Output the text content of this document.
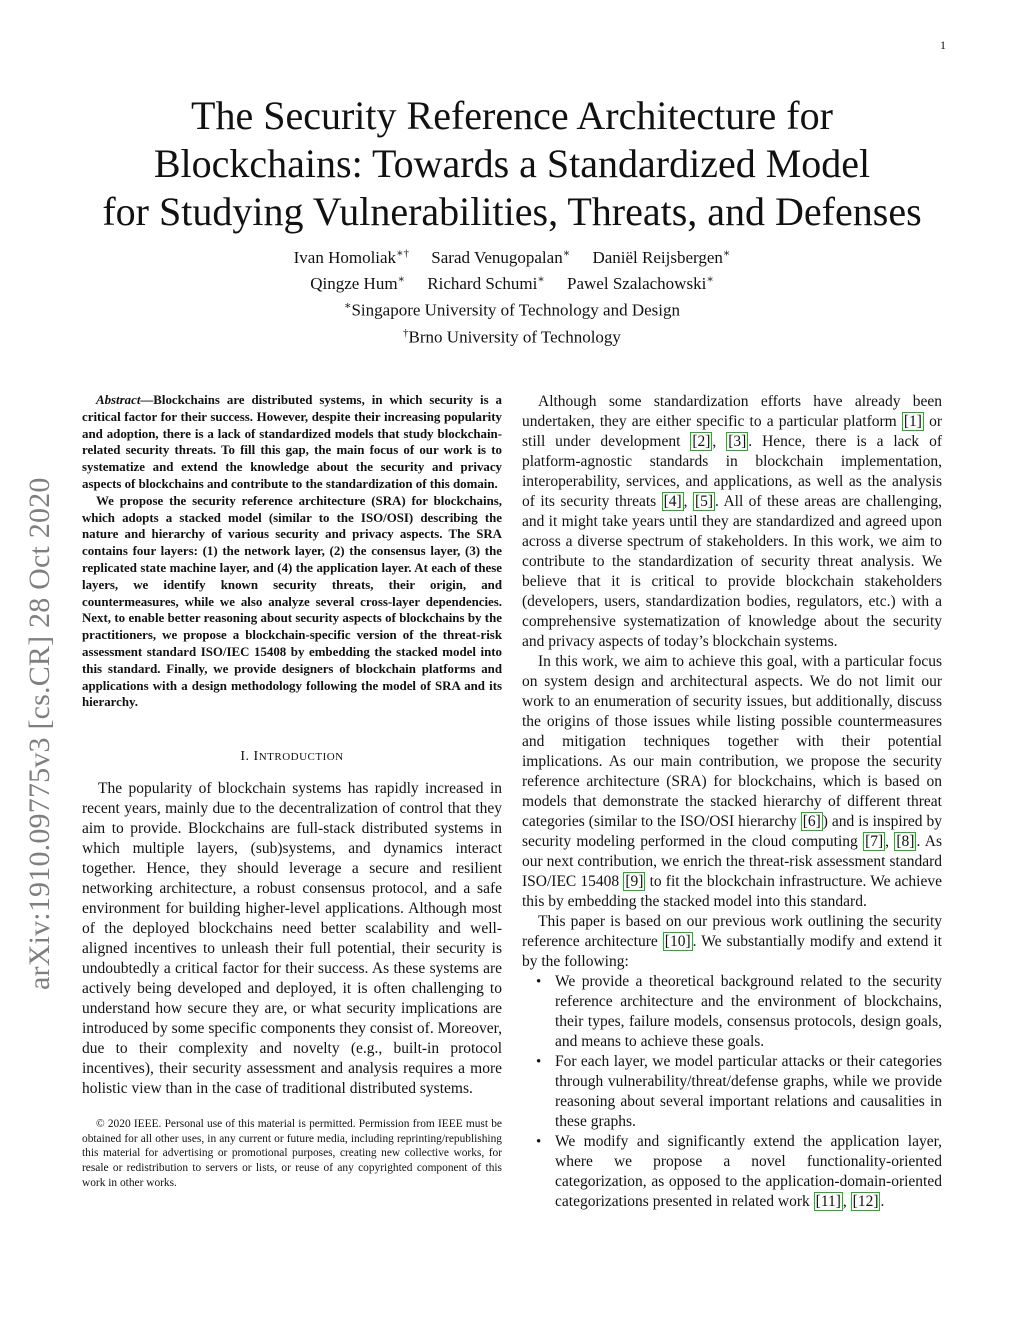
1
arXiv:1910.09775v3 [cs.CR] 28 Oct 2020
The Security Reference Architecture for
Blockchains: Towards a Standardized Model
for Studying Vulnerabilities, Threats, and Defenses
Ivan Homoliak∗† Sarad Venugopalan∗ Daniël Reijsbergen∗
Qingze Hum∗ Richard Schumi∗ Pawel Szalachowski∗
∗Singapore University of Technology and Design
†Brno University of Technology

Abstract—Blockchains are distributed systems, in which security is a critical factor for their success. However, despite their increasing popularity and adoption, there is a lack of standardized models that study blockchain-related security threats. To fill this gap, the main focus of our work is to systematize and extend the knowledge about the security and privacy aspects of blockchains and contribute to the standardization of this domain.

We propose the security reference architecture (SRA) for blockchains, which adopts a stacked model (similar to the ISO/OSI) describing the nature and hierarchy of various security and privacy aspects. The SRA contains four layers: (1) the network layer, (2) the consensus layer, (3) the replicated state machine layer, and (4) the application layer. At each of these layers, we identify known security threats, their origin, and countermeasures, while we also analyze several cross-layer dependencies. Next, to enable better reasoning about security aspects of blockchains by the practitioners, we propose a blockchain-specific version of the threat-risk assessment standard ISO/IEC 15408 by embedding the stacked model into this standard. Finally, we provide designers of blockchain platforms and applications with a design methodology following the model of SRA and its hierarchy.

I. INTRODUCTION

The popularity of blockchain systems has rapidly increased in recent years, mainly due to the decentralization of control that they aim to provide. Blockchains are full-stack distributed systems in which multiple layers, (sub)systems, and dynamics interact together. Hence, they should leverage a secure and resilient networking architecture, a robust consensus protocol, and a safe environment for building higher-level applications. Although most of the deployed blockchains need better scalability and well-aligned incentives to unleash their full potential, their security is undoubtedly a critical factor for their success. As these systems are actively being developed and deployed, it is often challenging to understand how secure they are, or what security implications are introduced by some specific components they consist of. Moreover, due to their complexity and novelty (e.g., built-in protocol incentives), their security assessment and analysis requires a more holistic view than in the case of traditional distributed systems.

© 2020 IEEE. Personal use of this material is permitted. Permission from IEEE must be obtained for all other uses, in any current or future media, including reprinting/republishing this material for advertising or promotional purposes, creating new collective works, for resale or redistribution to servers or lists, or reuse of any copyrighted component of this work in other works.

Although some standardization efforts have already been undertaken, they are either specific to a particular platform [1] or still under development [2] , [3] . Hence, there is a lack of platform-agnostic standards in blockchain implementation, interoperability, services, and applications, as well as the analysis of its security threats [4] , [5] . All of these areas are challenging, and it might take years until they are standardized and agreed upon across a diverse spectrum of stakeholders. In this work, we aim to contribute to the standardization of security threat analysis. We believe that it is critical to provide blockchain stakeholders (developers, users, standardization bodies, regulators, etc.) with a comprehensive systematization of knowledge about the security and privacy aspects of today’s blockchain systems.

In this work, we aim to achieve this goal, with a particular focus on system design and architectural aspects. We do not limit our work to an enumeration of security issues, but additionally, discuss the origins of those issues while listing possible countermeasures and mitigation techniques together with their potential implications. As our main contribution, we propose the security reference architecture (SRA) for blockchains, which is based on models that demonstrate the stacked hierarchy of different threat categories (similar to the ISO/OSI hierarchy [6] ) and is inspired by security modeling performed in the cloud computing [7] , [8] . As our next contribution, we enrich the threat-risk assessment standard ISO/IEC 15408 [9] to fit the blockchain infrastructure. We achieve this by embedding the stacked model into this standard.

This paper is based on our previous work outlining the security reference architecture [10] . We substantially modify and extend it by the following:

• We provide a theoretical background related to the security reference architecture and the environment of blockchains, their types, failure models, consensus protocols, design goals, and means to achieve these goals.
• For each layer, we model particular attacks or their categories through vulnerability/threat/defense graphs, while we provide reasoning about several important relations and causalities in these graphs.
• We modify and significantly extend the application layer, where we propose a novel functionality-oriented categorization, as opposed to the application-domain-oriented categorizations presented in related work [11] , [12] .
